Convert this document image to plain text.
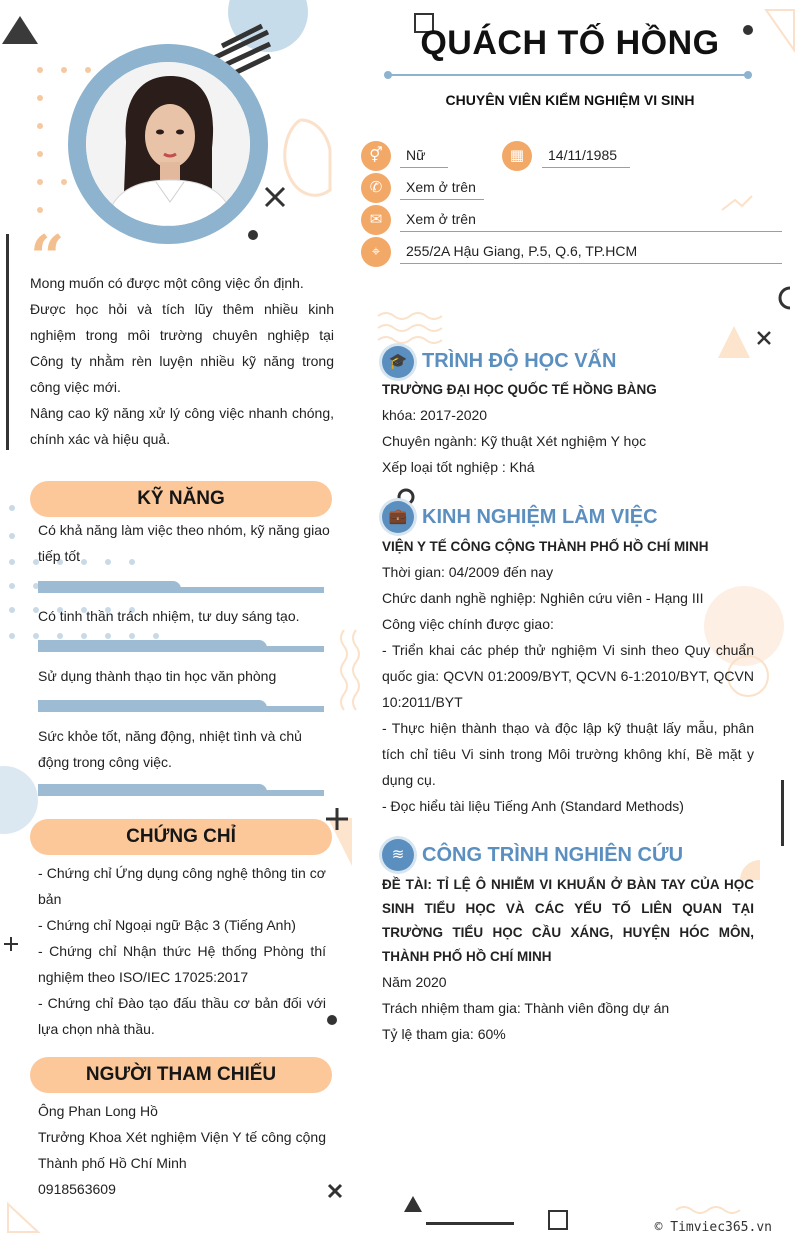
“

Mong muốn có được một công việc ổn định.

Được học hỏi và tích lũy thêm nhiều kinh nghiệm trong môi trường chuyên nghiệp tại Công ty nhằm rèn luyện nhiều kỹ năng trong công việc mới.

Nâng cao kỹ năng xử lý công việc nhanh chóng, chính xác và hiệu quả.

KỸ NĂNG
Có khả năng làm việc theo nhóm, kỹ năng giao tiếp tốt
Có tinh thần trách nhiệm, tư duy sáng tạo.
Sử dụng thành thạo tin học văn phòng
Sức khỏe tốt, năng động, nhiệt tình và chủ động trong công việc.
CHỨNG CHỈ

- Chứng chỉ Ứng dụng công nghệ thông tin cơ bản

- Chứng chỉ Ngoại ngữ Bậc 3 (Tiếng Anh)

- Chứng chỉ Nhận thức Hệ thống Phòng thí nghiệm theo ISO/IEC 17025:2017

- Chứng chỉ Đào tạo đấu thầu cơ bản đối với lựa chọn nhà thầu.

NGƯỜI THAM CHIẾU

Ông Phan Long Hồ

Trưởng Khoa Xét nghiệm Viện Y tế công cộng Thành phố Hồ Chí Minh

0918563609

QUÁCH TỐ HỒNG
CHUYÊN VIÊN KIỂM NGHIỆM VI SINH
⚥	Nữ	▦	14/11/1985
✆	Xem ở trên
✉	Xem ở trên
⌖	255/2A Hậu Giang, P.5, Q.6, TP.HCM
🎓 TRÌNH ĐỘ HỌC VẤN

TRƯỜNG ĐẠI HỌC QUỐC TẾ HỒNG BÀNG

khóa: 2017-2020

Chuyên ngành: Kỹ thuật Xét nghiệm Y học

Xếp loại tốt nghiệp : Khá

💼 KINH NGHIỆM LÀM VIỆC

VIỆN Y TẾ CÔNG CỘNG THÀNH PHỐ HỒ CHÍ MINH

Thời gian: 04/2009 đến nay

Chức danh nghề nghiệp: Nghiên cứu viên - Hạng III

Công việc chính được giao:

- Triển khai các phép thử nghiệm Vi sinh theo Quy chuẩn quốc gia: QCVN 01:2009/BYT, QCVN 6-1:2010/BYT, QCVN 10:2011/BYT

- Thực hiện thành thạo và độc lập kỹ thuật lấy mẫu, phân tích chỉ tiêu Vi sinh trong Môi trường không khí, Bề mặt y dụng cụ.

- Đọc hiểu tài liệu Tiếng Anh (Standard Methods)

≋ CÔNG TRÌNH NGHIÊN CỨU

ĐỀ TÀI: TỈ LỆ Ô NHIỄM VI KHUẨN Ở BÀN TAY CỦA HỌC SINH TIỂU HỌC VÀ CÁC YẾU TỐ LIÊN QUAN TẠI TRƯỜNG TIỂU HỌC CẦU XÁNG, HUYỆN HÓC MÔN, THÀNH PHỐ HỒ CHÍ MINH

Năm 2020

Trách nhiệm tham gia: Thành viên đồng dự án

Tỷ lệ tham gia: 60%

© Timviec365.vn
